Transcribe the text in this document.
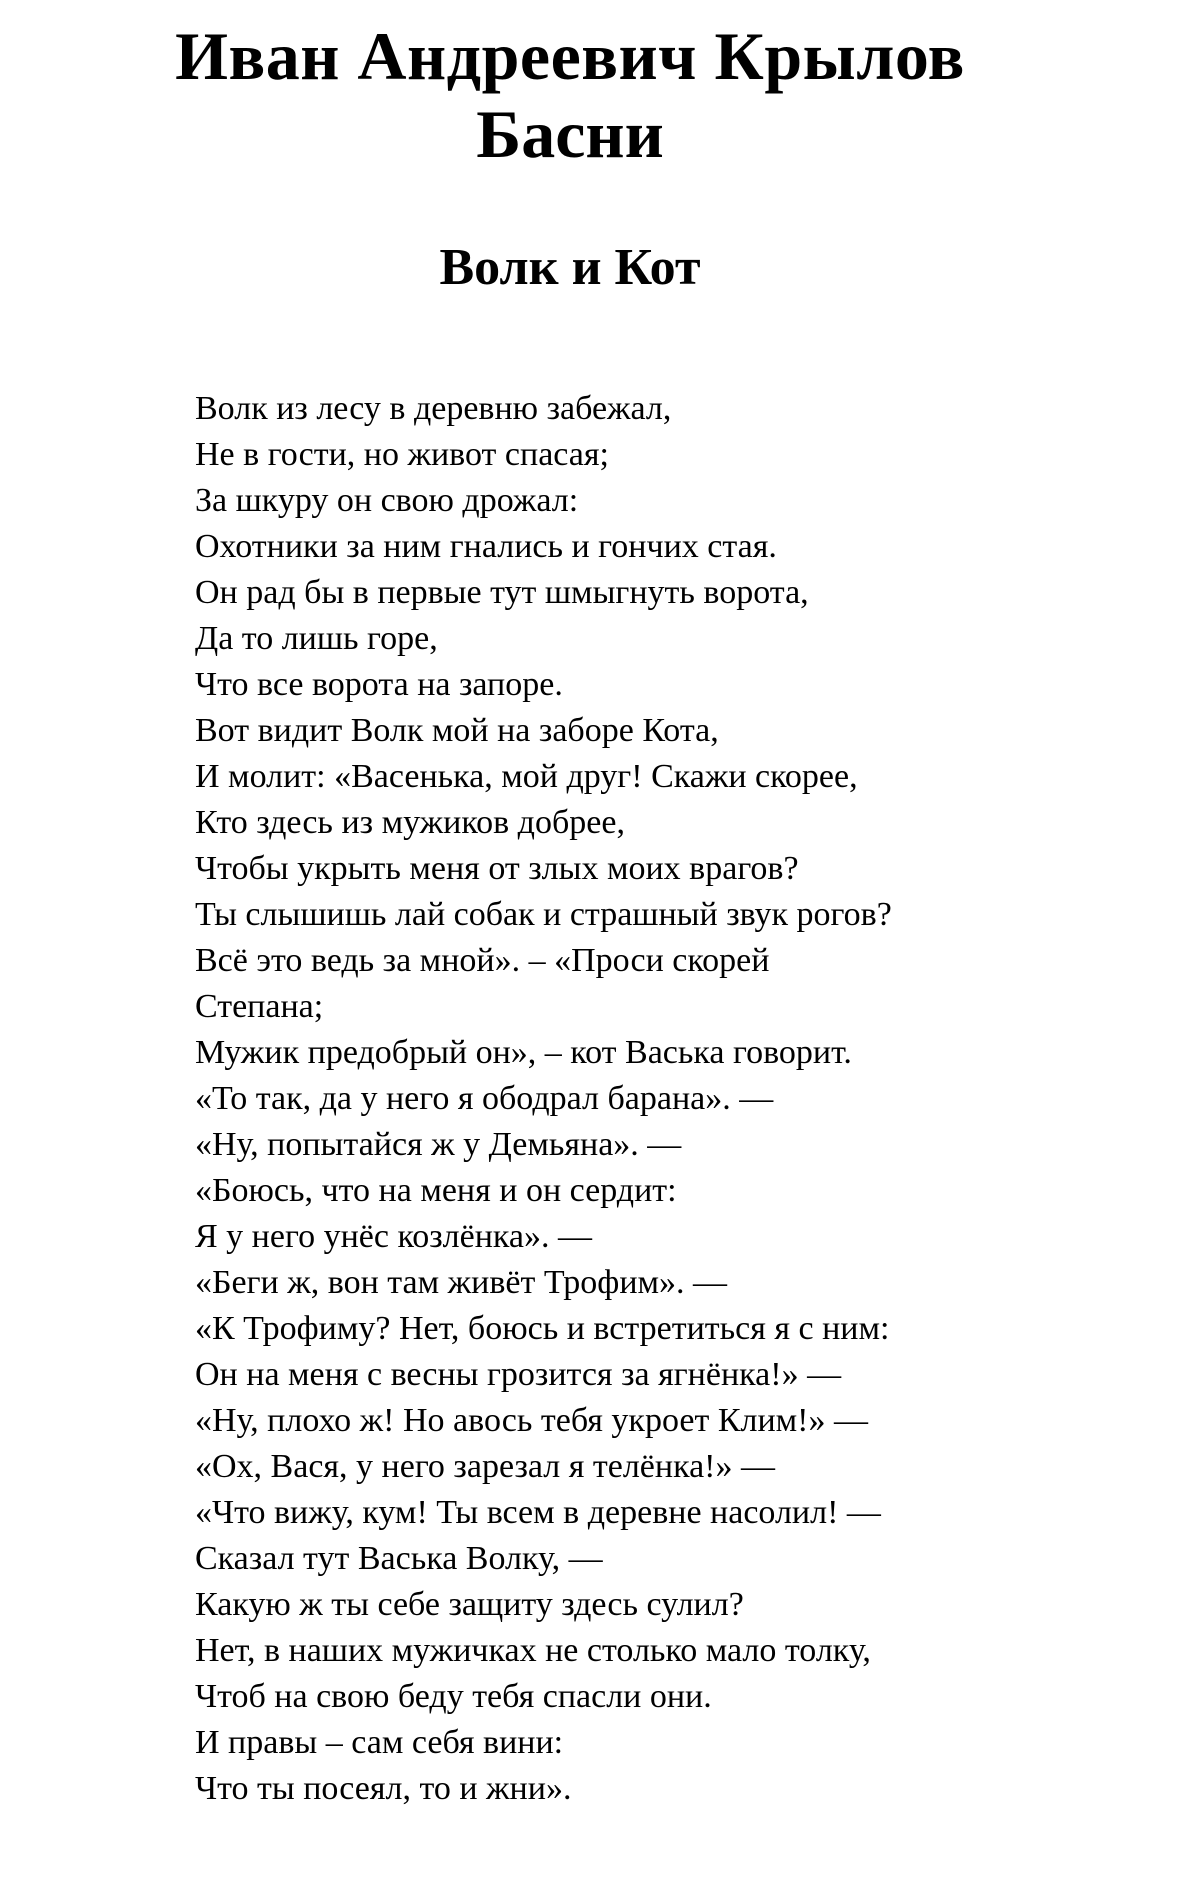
Иван Андреевич Крылов
Басни
Волк и Кот
Волк из лесу в деревню забежал,
Не в гости, но живот спасая;
За шкуру он свою дрожал:
Охотники за ним гнались и гончих стая.
Он рад бы в первые тут шмыгнуть ворота,
Да то лишь горе,
Что все ворота на запоре.
Вот видит Волк мой на заборе Кота,
И молит: «Васенька, мой друг! Скажи скорее,
Кто здесь из мужиков добрее,
Чтобы укрыть меня от злых моих врагов?
Ты слышишь лай собак и страшный звук рогов?
Всё это ведь за мной». – «Проси скорей
Степана;
Мужик предобрый он», – кот Васька говорит.
«То так, да у него я ободрал барана». —
«Ну, попытайся ж у Демьяна». —
«Боюсь, что на меня и он сердит:
Я у него унёс козлёнка». —
«Беги ж, вон там живёт Трофим». —
«К Трофиму? Нет, боюсь и встретиться я с ним:
Он на меня с весны грозится за ягнёнка!» —
«Ну, плохо ж! Но авось тебя укроет Клим!» —
«Ох, Вася, у него зарезал я телёнка!» —
«Что вижу, кум! Ты всем в деревне насолил! —
Сказал тут Васька Волку, —
Какую ж ты себе защиту здесь сулил?
Нет, в наших мужичках не столько мало толку,
Чтоб на свою беду тебя спасли они.
И правы – сам себя вини:
Что ты посеял, то и жни».
